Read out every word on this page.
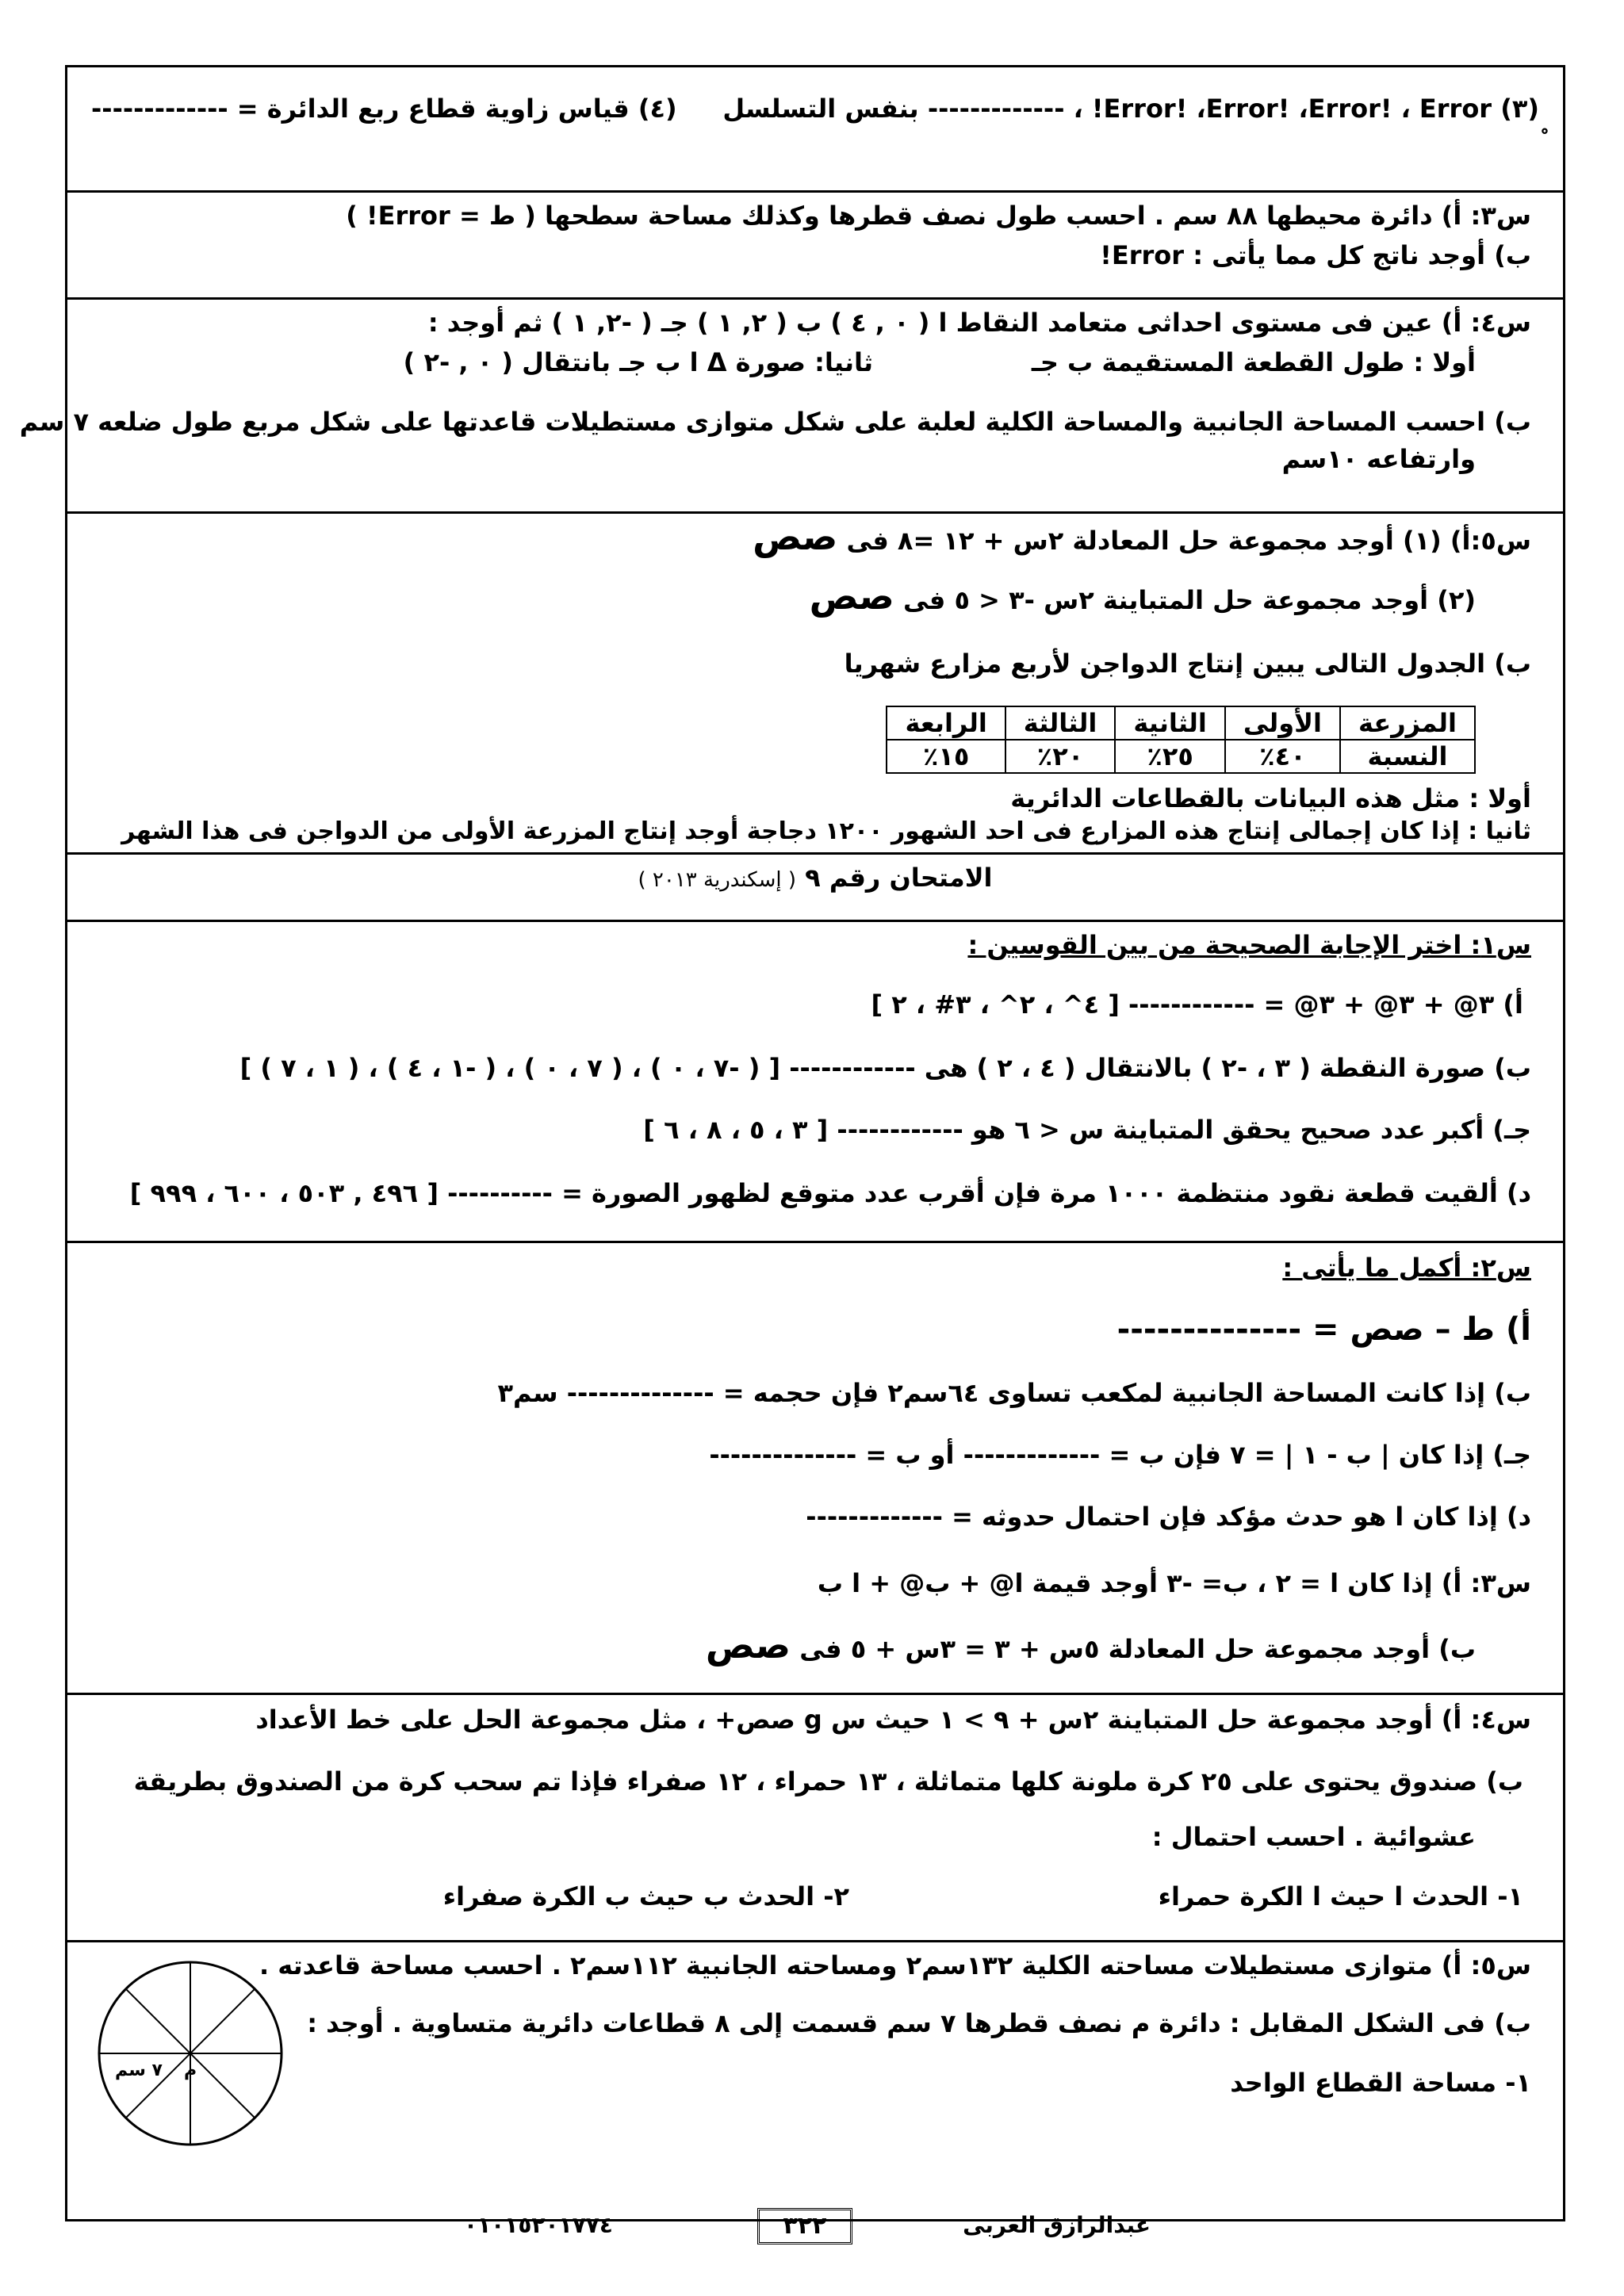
(٣) Error! ،Error! ،Error! ، Error! ، ------------- بنفس التسلسل
(٤) قياس زاوية قطاع ربع الدائرة = -------------
س٣: أ) دائرة محيطها ٨٨ سم . احسب طول نصف قطرها وكذلك مساحة سطحها ( ط = Error! )
ب) أوجد ناتج كل مما يأتى : Error!
س٤: أ) عين فى مستوى احداثى متعامد النقاط ا ( ٠ , ٤ ) ب ( ٢, ١ ) جـ ( -٢, ١ ) ثم أوجد :
أولا : طول القطعة المستقيمة ب جـ
ثانيا: صورة Δ ا ب جـ بانتقال ( ٠ , -٢ )
ب) احسب المساحة الجانبية والمساحة الكلية لعلبة على شكل متوازى مستطيلات قاعدتها على شكل مربع طول ضلعه ٧ سم
وارتفاعه ١٠سم
س٥:أ) (١) أوجد مجموعة حل المعادلة ٢س + ١٢ =٨ فى صص
(٢) أوجد مجموعة حل المتباينة ٢س -٣ < ٥ فى صص
ب) الجدول التالى يبين إنتاج الدواجن لأربع مزارع شهريا
المزرعة	الأولى	الثانية	الثالثة	الرابعة
النسبة	٤٠٪	٢٥٪	٢٠٪	١٥٪
أولا : مثل هذه البيانات بالقطاعات الدائرية
ثانيا : إذا كان إجمالى إنتاج هذه المزارع فى احد الشهور ١٢٠٠ دجاجة أوجد إنتاج المزرعة الأولى من الدواجن فى هذا الشهر
الامتحان رقم ٩ ( إسكندرية ٢٠١٣ )
س١: اختر الإجابة الصحيحة من بين القوسين :
أ) ٣@ + ٣@ + ٣@ = ------------ [ ٤^ ، ٢^ ، ٣# ، ٢ ]
ب) صورة النقطة ( ٣ ، -٢ ) بالانتقال ( ٤ ، ٢ ) هى ------------ [ ( -٧ ، ٠ ) ، ( ٧ ، ٠ ) ، ( -١ ، ٤ ) ، ( ١ ، ٧ ) ]
جـ) أكبر عدد صحيح يحقق المتباينة س < ٦ هو ------------ [ ٣ ، ٥ ، ٨ ، ٦ ]
د) ألقيت قطعة نقود منتظمة ١٠٠٠ مرة فإن أقرب عدد متوقع لظهور الصورة = ---------- [ ٤٩٦ , ٥٠٣ ، ٦٠٠ ، ٩٩٩ ]
س٢: أكمل ما يأتى :
أ) ط – صص = --------------
ب) إذا كانت المساحة الجانبية لمكعب تساوى ٦٤سم٢ فإن حجمه = -------------- سم٣
جـ) إذا كان | ب - ١ | = ٧ فإن ب = ------------- أو ب = --------------
د) إذا كان ا هو حدث مؤكد فإن احتمال حدوثه = -------------
س٣: أ) إذا كان ا = ٢ ، ب= -٣ أوجد قيمة ا@ + ب@ + ا ب
ب) أوجد مجموعة حل المعادلة ٥س + ٣ = ٣س + ٥ فى صص
س٤: أ) أوجد مجموعة حل المتباينة ٢س + ٩ > ١ حيث س g صص+ ، مثل مجموعة الحل على خط الأعداد
ب) صندوق يحتوى على ٢٥ كرة ملونة كلها متماثلة ، ١٣ حمراء ، ١٢ صفراء فإذا تم سحب كرة من الصندوق بطريقة
عشوائية . احسب احتمال :
١- الحدث ا حيث ا الكرة حمراء
٢- الحدث ب حيث ب الكرة صفراء
س٥: أ) متوازى مستطيلات مساحته الكلية ١٣٢سم٢ ومساحته الجانبية ١١٢سم٢ . احسب مساحة قاعدته .
ب) فى الشكل المقابل : دائرة م نصف قطرها ٧ سم قسمت إلى ٨ قطاعات دائرية متساوية . أوجد :
١- مساحة القطاع الواحد
م
٧ سم
عبدالرازق العربى
٣٢٢
٠١٠١٥٢٠١٧٧٤
